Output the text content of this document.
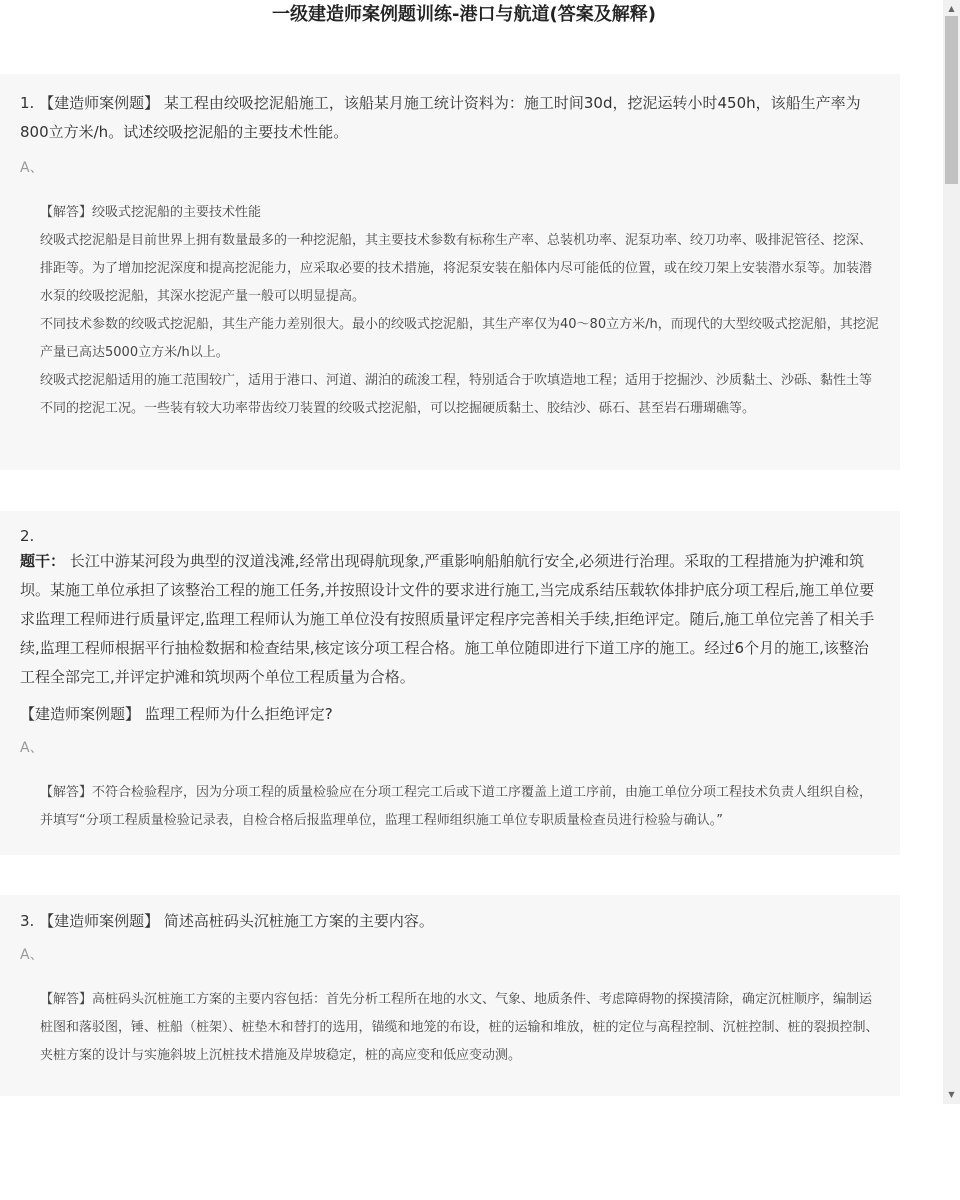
一级建造师案例题训练-港口与航道(答案及解释)
1. 【建造师案例题】 某工程由绞吸挖泥船施工，该船某月施工统计资料为：施工时间30d，挖泥运转小时450h，该船生产率为800立方米/h。试述绞吸挖泥船的主要技术性能。
A、
【解答】绞吸式挖泥船的主要技术性能
绞吸式挖泥船是目前世界上拥有数量最多的一种挖泥船，其主要技术参数有标称生产率、总装机功率、泥泵功率、绞刀功率、吸排泥管径、挖深、排距等。为了增加挖泥深度和提高挖泥能力，应采取必要的技术措施，将泥泵安装在船体内尽可能低的位置，或在绞刀架上安装潜水泵等。加装潜水泵的绞吸挖泥船，其深水挖泥产量一般可以明显提高。
不同技术参数的绞吸式挖泥船，其生产能力差别很大。最小的绞吸式挖泥船，其生产率仅为40～80立方米/h，而现代的大型绞吸式挖泥船，其挖泥产量已高达5000立方米/h以上。
绞吸式挖泥船适用的施工范围较广，适用于港口、河道、湖泊的疏浚工程，特别适合于吹填造地工程；适用于挖掘沙、沙质黏土、沙砾、黏性土等不同的挖泥工况。一些装有较大功率带齿绞刀装置的绞吸式挖泥船，可以挖掘硬质黏土、胶结沙、砾石、甚至岩石珊瑚礁等。
2.
题干： 长江中游某河段为典型的汊道浅滩,经常出现碍航现象,严重影响船舶航行安全,必须进行治理。采取的工程措施为护滩和筑坝。某施工单位承担了该整治工程的施工任务,并按照设计文件的要求进行施工,当完成系结压载软体排护底分项工程后,施工单位要求监理工程师进行质量评定,监理工程师认为施工单位没有按照质量评定程序完善相关手续,拒绝评定。随后,施工单位完善了相关手续,监理工程师根据平行抽检数据和检查结果,核定该分项工程合格。施工单位随即进行下道工序的施工。经过6个月的施工,该整治工程全部完工,并评定护滩和筑坝两个单位工程质量为合格。
【建造师案例题】 监理工程师为什么拒绝评定?
A、
【解答】不符合检验程序，因为分项工程的质量检验应在分项工程完工后或下道工序覆盖上道工序前，由施工单位分项工程技术负责人组织自检，并填写“分项工程质量检验记录表，自检合格后报监理单位，监理工程师组织施工单位专职质量检查员进行检验与确认。”
3. 【建造师案例题】 简述高桩码头沉桩施工方案的主要内容。
A、
【解答】高桩码头沉桩施工方案的主要内容包括：首先分析工程所在地的水文、气象、地质条件、考虑障碍物的探摸清除，确定沉桩顺序，编制运桩图和落驳图，锤、桩船（桩架）、桩垫木和替打的选用，锚缆和地笼的布设，桩的运输和堆放，桩的定位与高程控制、沉桩控制、桩的裂损控制、夹桩方案的设计与实施斜坡上沉桩技术措施及岸坡稳定，桩的高应变和低应变动测。
▲
▼
